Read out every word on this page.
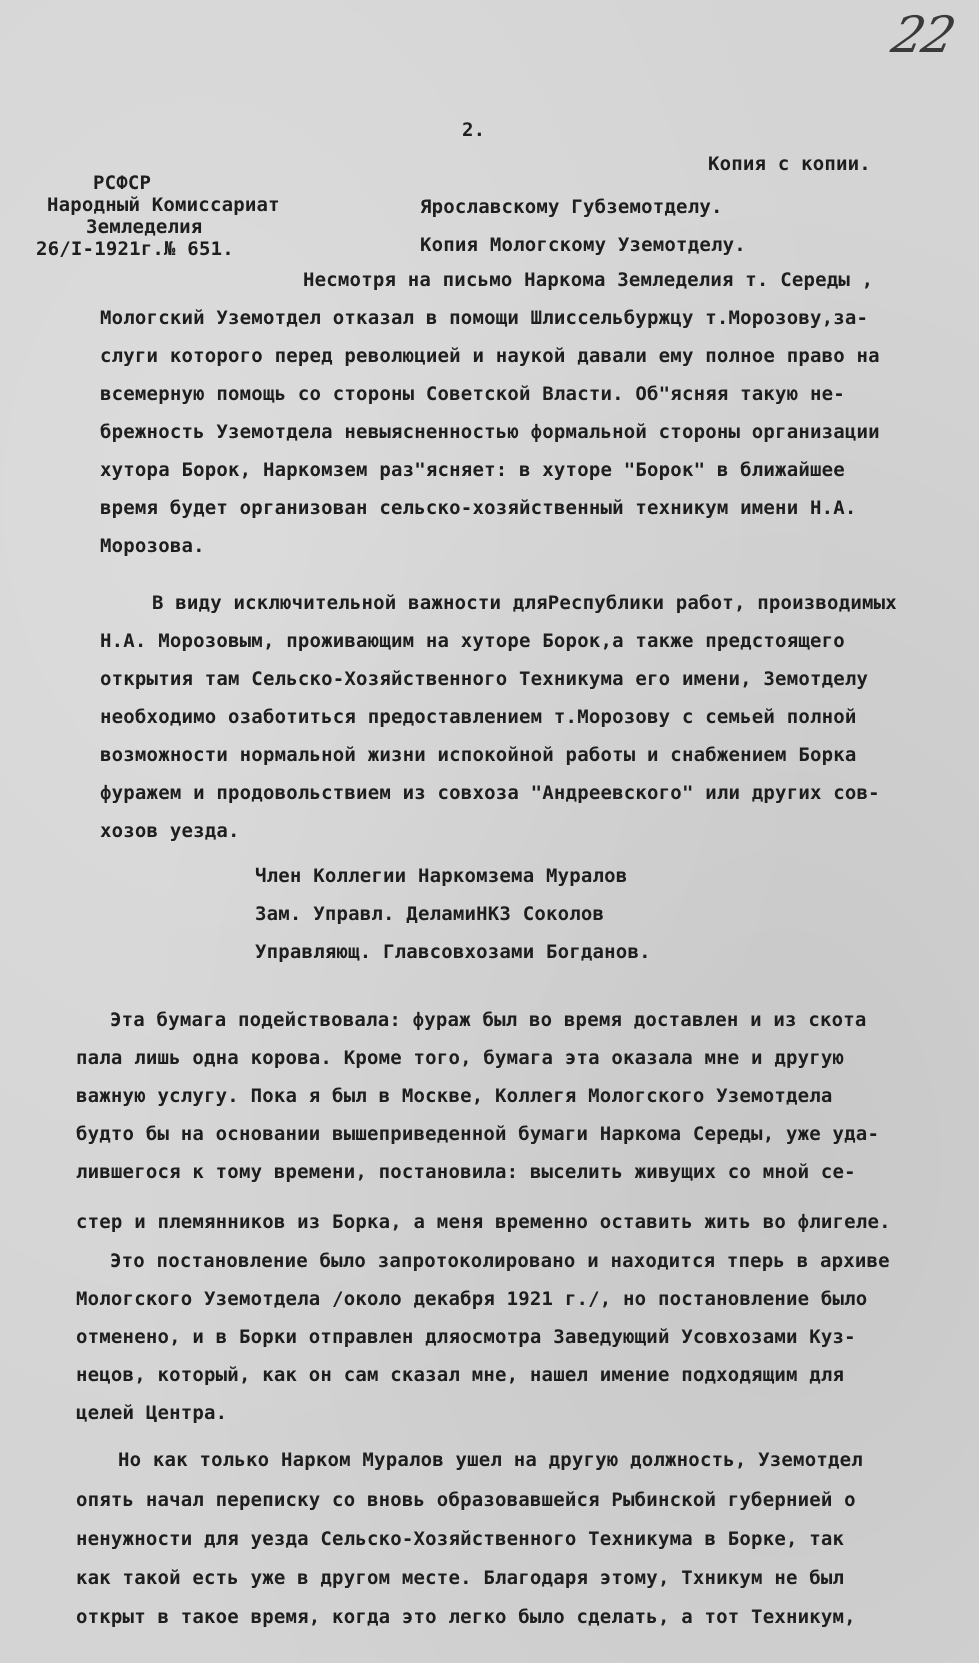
22
2.
Копия с копии.
РСФСР
Народный Комиссариат
Земледелия
26/I-1921г.№ 651.
Ярославскому Губземотделу.
Копия Мологскому Уземотделу.
Несмотря на письмо Наркома Земледелия т. Середы ,
Мологский Уземотдел отказал в помощи Шлиссельбуржцу т.Морозову,за-
слуги которого перед революцией и наукой давали ему полное право на
всемерную помощь со стороны Советской Власти. Об"ясняя такую не-
брежность Уземотдела невыясненностью формальной стороны организации
хутора Борок, Наркомзем раз"ясняет: в хуторе "Борок" в ближайшее
время будет организован сельско-хозяйственный техникум имени Н.А.
Морозова.
В виду исключительной важности дляРеспублики работ, производимых
Н.А. Морозовым, проживающим на хуторе Борок,а также предстоящего
открытия там Сельско-Хозяйственного Техникума его имени, Земотделу
необходимо озаботиться предоставлением т.Морозову с семьей полной
возможности нормальной жизни испокойной работы и снабжением Борка
фуражем и продовольствием из совхоза "Андреевского" или других сов-
хозов уезда.
Член Коллегии Наркомзема Муралов
Зам. Управл. ДеламиНКЗ Соколов
Управляющ. Главсовхозами Богданов.
Эта бумага подействовала: фураж был во время доставлен и из скота
пала лишь одна корова. Кроме того, бумага эта оказала мне и другую
важную услугу. Пока я был в Москве, Коллегя Мологского Уземотдела
будто бы на основании вышеприведенной бумаги Наркома Середы, уже уда-
лившегося к тому времени, постановила: выселить живущих со мной се-
стер и племянников из Борка, а меня временно оставить жить во флигеле.
Это постановление было запротоколировано и находится тперь в архиве
Мологского Уземотдела /около декабря 1921 г./, но постановление было
отменено, и в Борки отправлен дляосмотра Заведующий Усовхозами Куз-
нецов, который, как он сам сказал мне, нашел имение подходящим для
целей Центра.
Но как только Нарком Муралов ушел на другую должность, Уземотдел
опять начал переписку со вновь образовавшейся Рыбинской губернией о
ненужности для уезда Сельско-Хозяйственного Техникума в Борке, так
как такой есть уже в другом месте. Благодаря этому, Тхникум не был
открыт в такое время, когда это легко было сделать, а тот Техникум,
